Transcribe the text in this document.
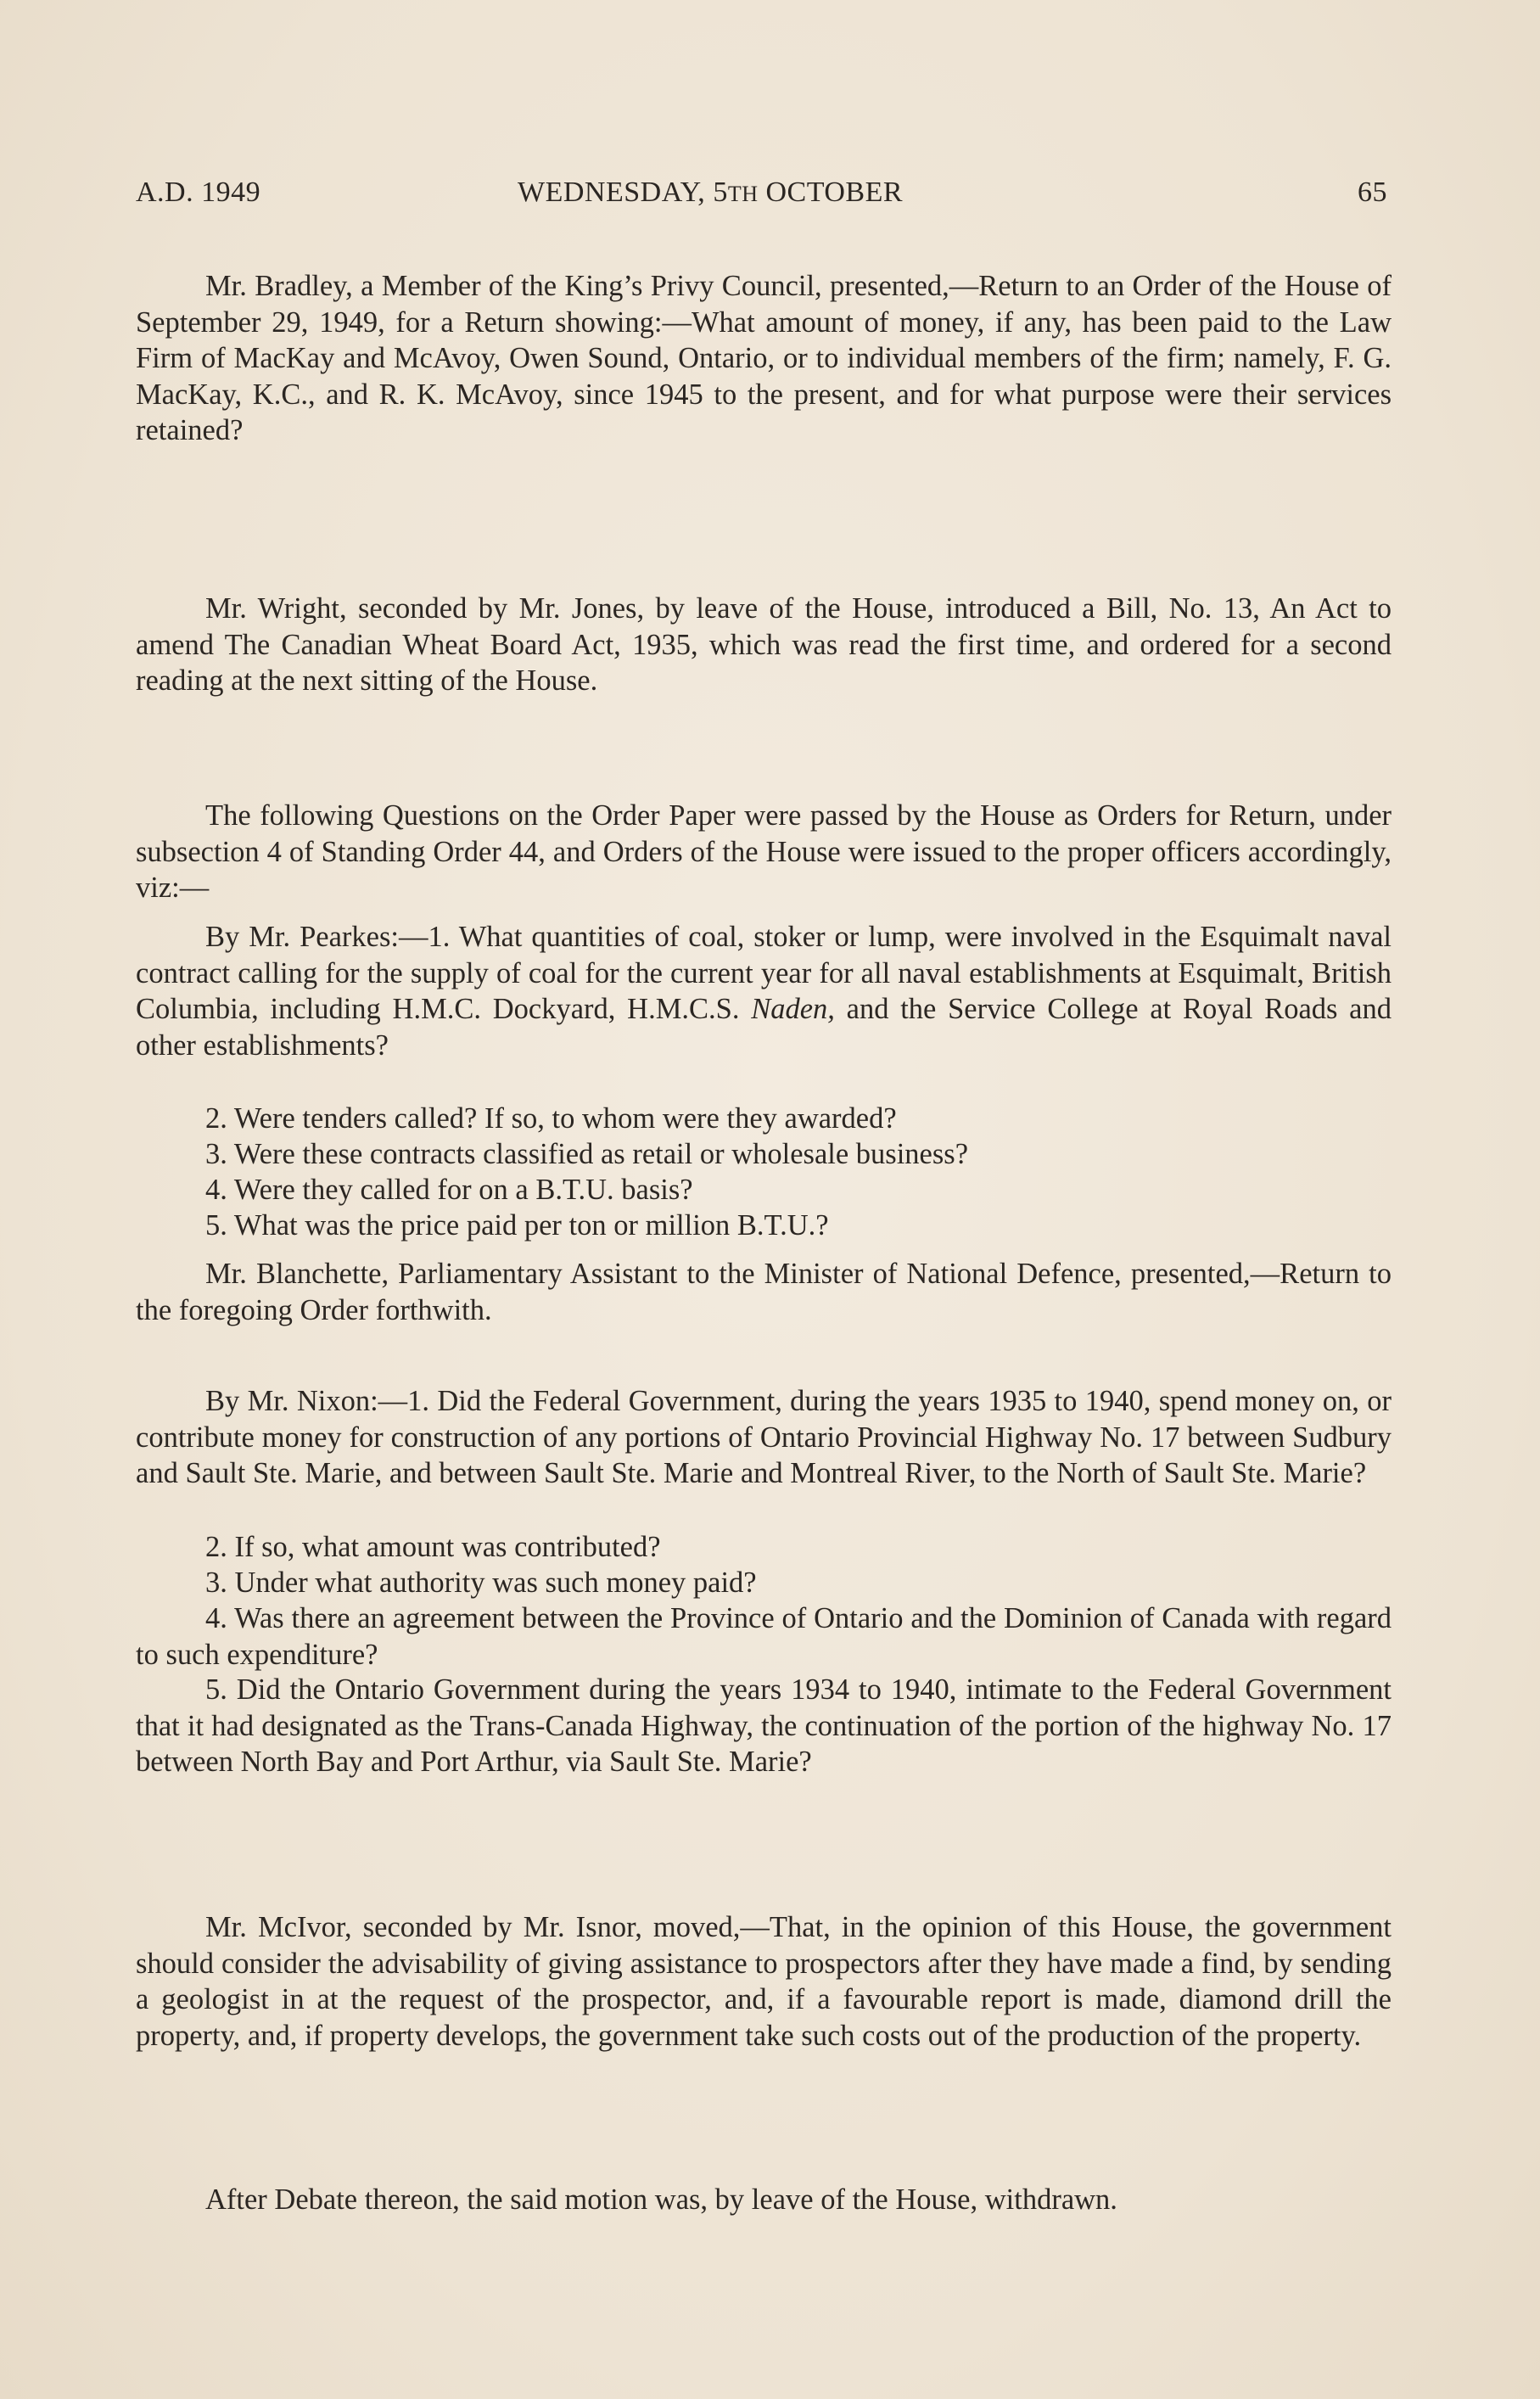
A.D. 1949	WEDNESDAY, 5TH OCTOBER	65

Mr. Bradley, a Member of the King’s Privy Council, presented,—Return to an Order of the House of September 29, 1949, for a Return showing:—What amount of money, if any, has been paid to the Law Firm of MacKay and McAvoy, Owen Sound, Ontario, or to individual members of the firm; namely, F. G. MacKay, K.C., and R. K. McAvoy, since 1945 to the present, and for what purpose were their services retained?

Mr. Wright, seconded by Mr. Jones, by leave of the House, introduced a Bill, No. 13, An Act to amend The Canadian Wheat Board Act, 1935, which was read the first time, and ordered for a second reading at the next sitting of the House.

The following Questions on the Order Paper were passed by the House as Orders for Return, under subsection 4 of Standing Order 44, and Orders of the House were issued to the proper officers accordingly, viz:—

By Mr. Pearkes:—1. What quantities of coal, stoker or lump, were involved in the Esquimalt naval contract calling for the supply of coal for the current year for all naval establishments at Esquimalt, British Columbia, including H.M.C. Dockyard, H.M.C.S. Naden, and the Service College at Royal Roads and other establishments?

2. Were tenders called? If so, to whom were they awarded?

3. Were these contracts classified as retail or wholesale business?

4. Were they called for on a B.T.U. basis?

5. What was the price paid per ton or million B.T.U.?

Mr. Blanchette, Parliamentary Assistant to the Minister of National Defence, presented,—Return to the foregoing Order forthwith.

By Mr. Nixon:—1. Did the Federal Government, during the years 1935 to 1940, spend money on, or contribute money for construction of any portions of Ontario Provincial Highway No. 17 between Sudbury and Sault Ste. Marie, and between Sault Ste. Marie and Montreal River, to the North of Sault Ste. Marie?

2. If so, what amount was contributed?

3. Under what authority was such money paid?

4. Was there an agreement between the Province of Ontario and the Dominion of Canada with regard to such expenditure?

5. Did the Ontario Government during the years 1934 to 1940, intimate to the Federal Government that it had designated as the Trans-Canada Highway, the continuation of the portion of the highway No. 17 between North Bay and Port Arthur, via Sault Ste. Marie?

Mr. McIvor, seconded by Mr. Isnor, moved,—That, in the opinion of this House, the government should consider the advisability of giving assistance to prospectors after they have made a find, by sending a geologist in at the request of the prospector, and, if a favourable report is made, diamond drill the property, and, if property develops, the government take such costs out of the production of the property.

After Debate thereon, the said motion was, by leave of the House, withdrawn.
